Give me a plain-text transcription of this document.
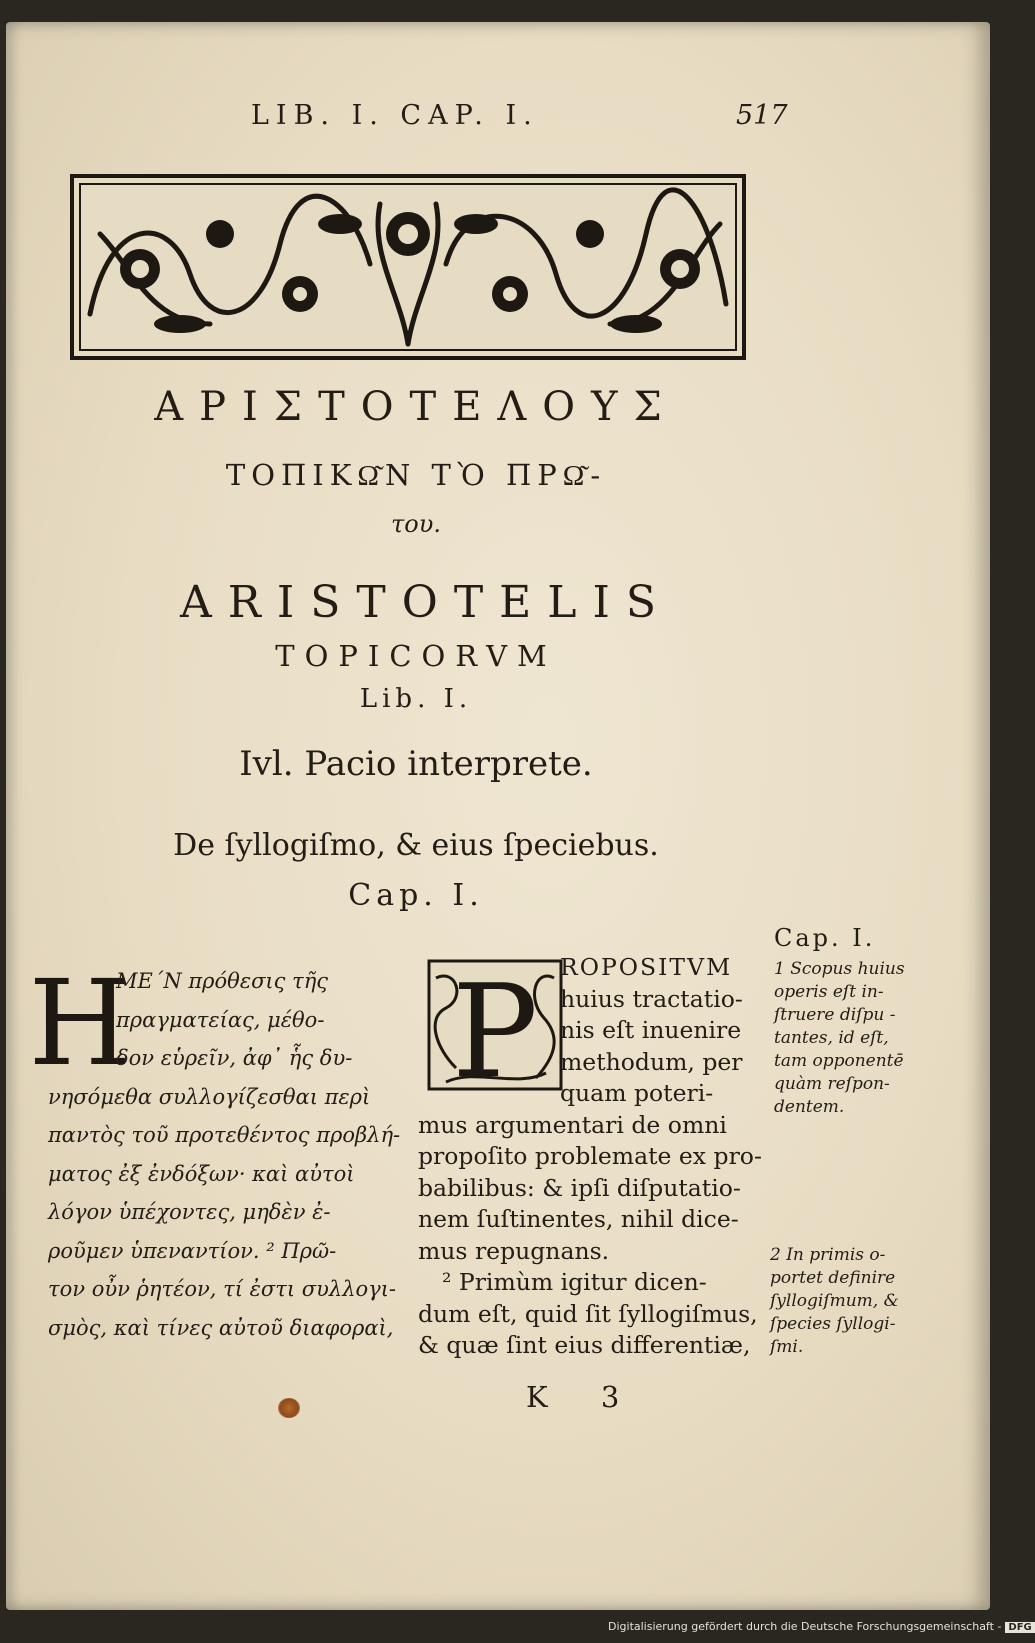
LIB. I. CAP. I.	517
ΑΡΙΣΤΟΤΕΛΟΥΣ
ΤΟΠΙΚΩ͂Ν ΤῸ ΠΡΩ͂-
του.
ARISTOTELIS
TOPICORVM
Lib. I.
Ivl. Pacio interprete.
De ſyllogiſmo, & eius ſpeciebus.
Cap. I.
Cap. I.
H
ΜΕ΄Ν πρόθεσις τῆς
πραγματείας, μέθο-
δον εὑρεῖν, ἀφ᾽ ἧς δυ-
νησόμεθα συλλογίζεσθαι περὶ
παντὸς τοῦ προτεθέντος προβλή-
ματος ἐξ ἐνδόξων· καὶ αὐτοὶ
λόγον ὑπέχοντες, μηδὲν ἐ-
ροῦμεν ὑπεναντίον. ² Πρῶ-
τον οὖν ῥητέον, τί ἐστι συλλογι-
σμὸς, καὶ τίνες αὐτοῦ διαφοραὶ,
P ROPOSITVM
huius tractatio-
nis eſt inuenire
methodum, per
quam poteri-
mus argumentari de omni
propoſito problemate ex pro-
babilibus: & ipſi diſputatio-
nem ſuſtinentes, nihil dice-
mus repugnans.
² Primùm igitur dicen-
dum eſt, quid ſit ſyllogiſmus,
& quæ ſint eius differentiæ,
1 Scopus huius
operis eſt in-
ſtruere diſpu -
tantes, id eſt,
tam opponentē
quàm reſpon-
dentem.
2 In primis o-
portet definire
ſyllogiſmum, &
ſpecies ſyllogi-
ſmi.
K 3
Digitalisierung gefördert durch die Deutsche Forschungsgemeinschaft - DFG
